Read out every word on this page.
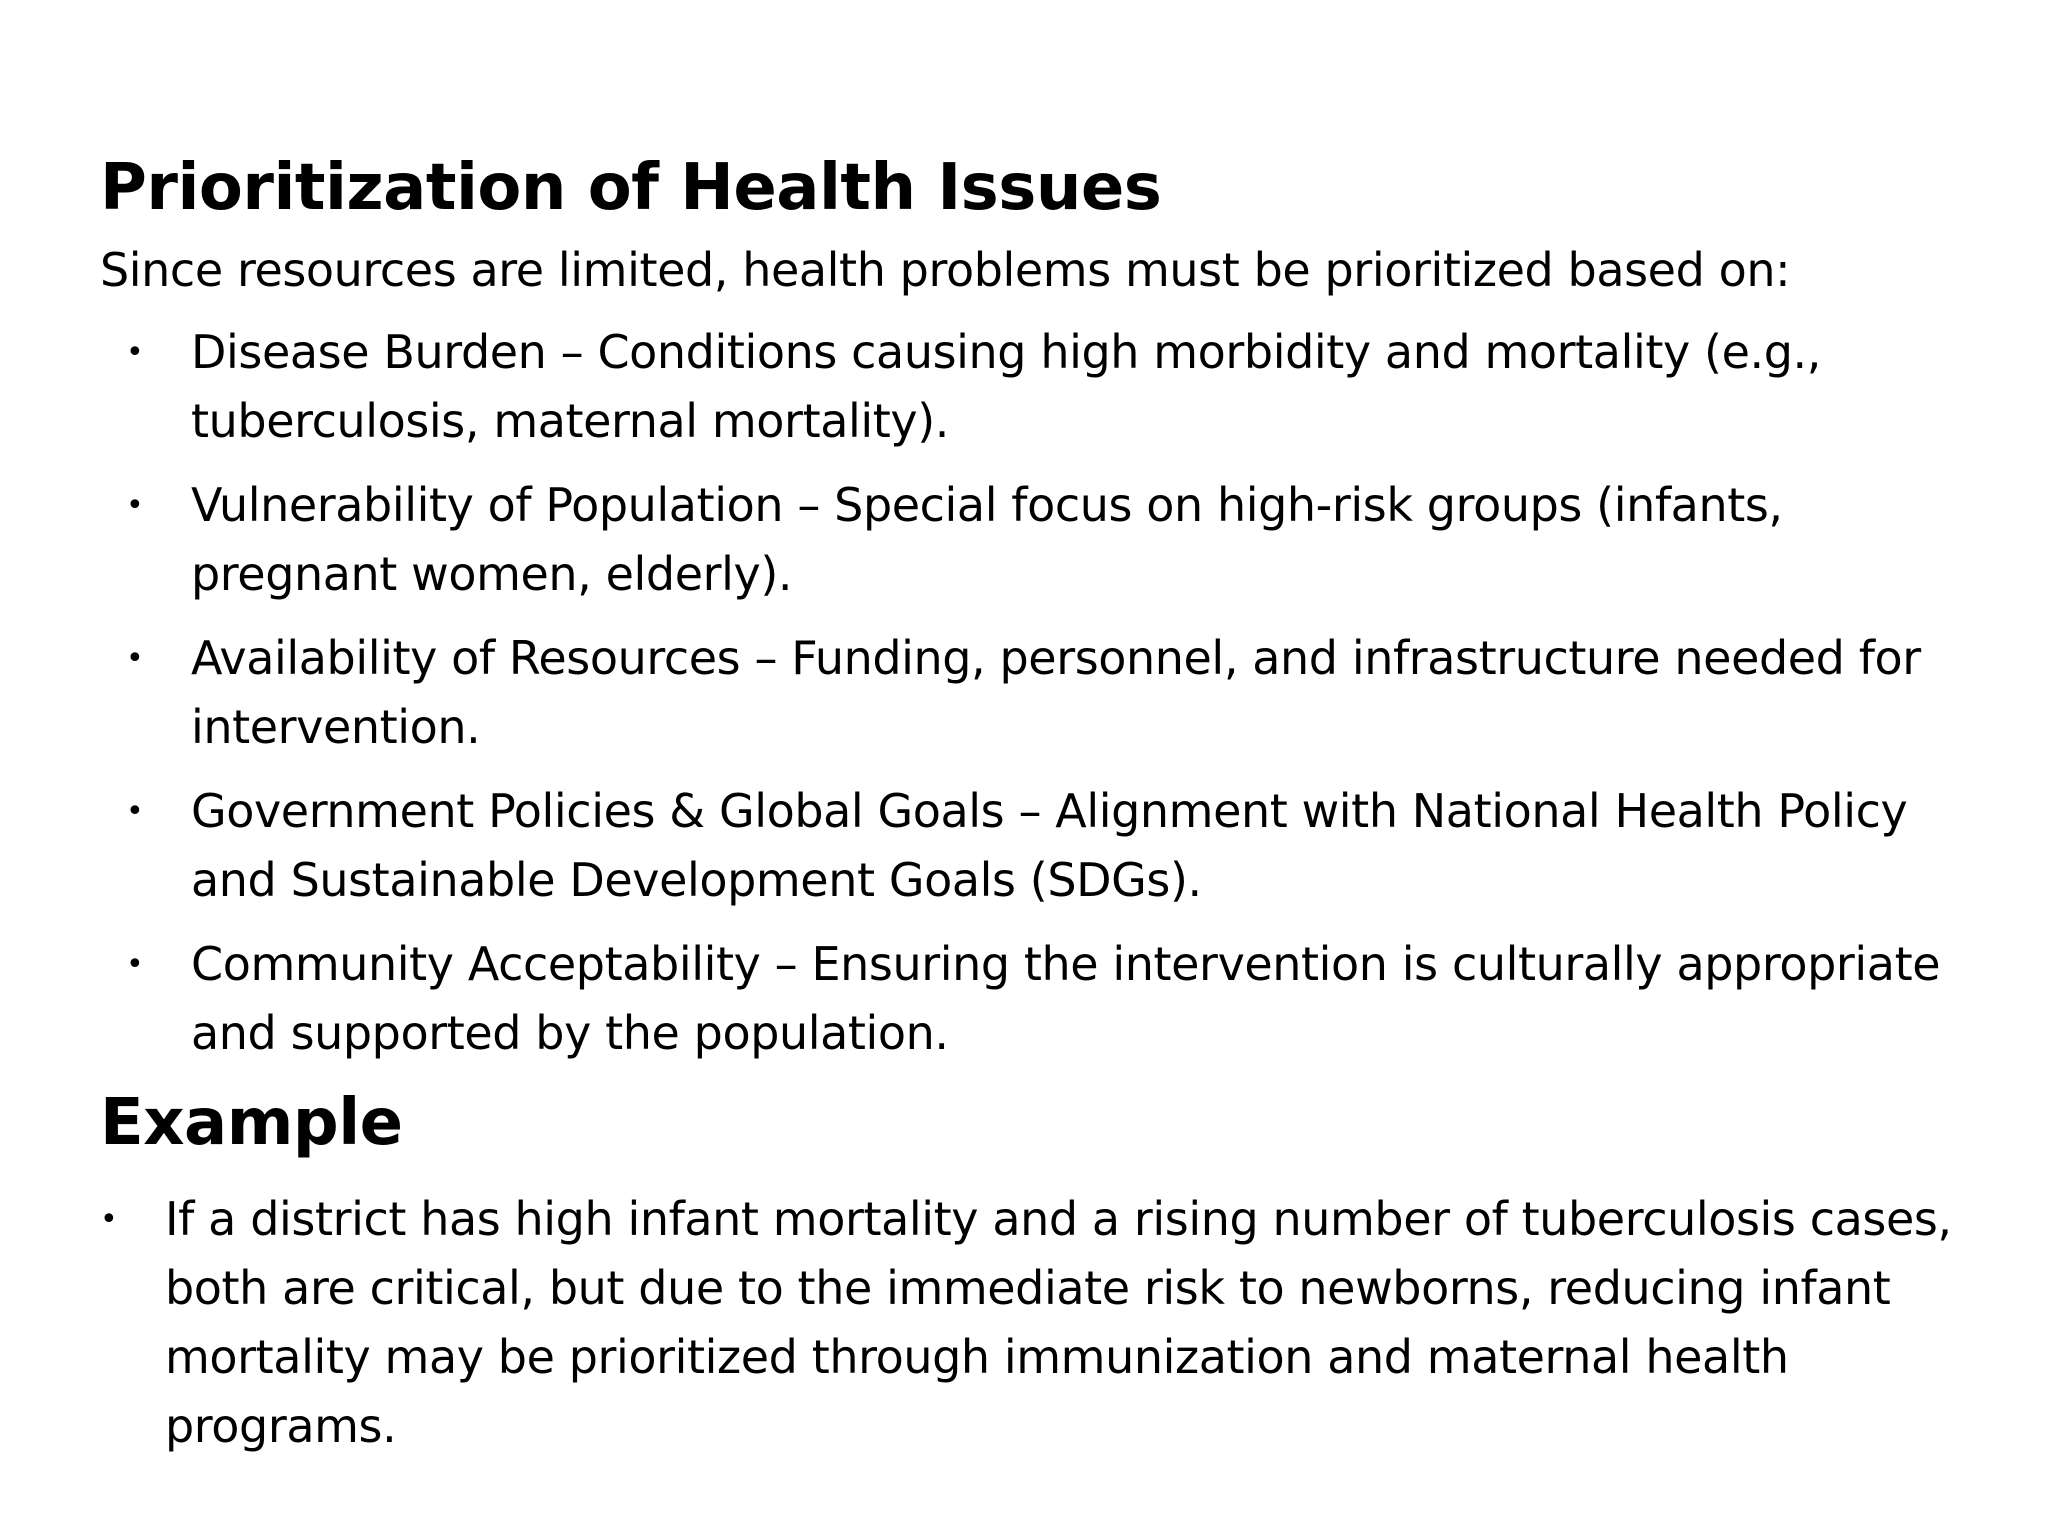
Prioritization of Health Issues

Since resources are limited, health problems must be prioritized based on:

• Disease Burden – Conditions causing high morbidity and mortality (e.g., tuberculosis, maternal mortality).
• Vulnerability of Population – Special focus on high-risk groups (infants, pregnant women, elderly).
• Availability of Resources – Funding, personnel, and infrastructure needed for intervention.
• Government Policies & Global Goals – Alignment with National Health Policy and Sustainable Development Goals (SDGs).
• Community Acceptability – Ensuring the intervention is culturally appropriate and supported by the population.
Example
• If a district has high infant mortality and a rising number of tuberculosis cases, both are critical, but due to the immediate risk to newborns, reducing infant mortality may be prioritized through immunization and maternal health programs.
